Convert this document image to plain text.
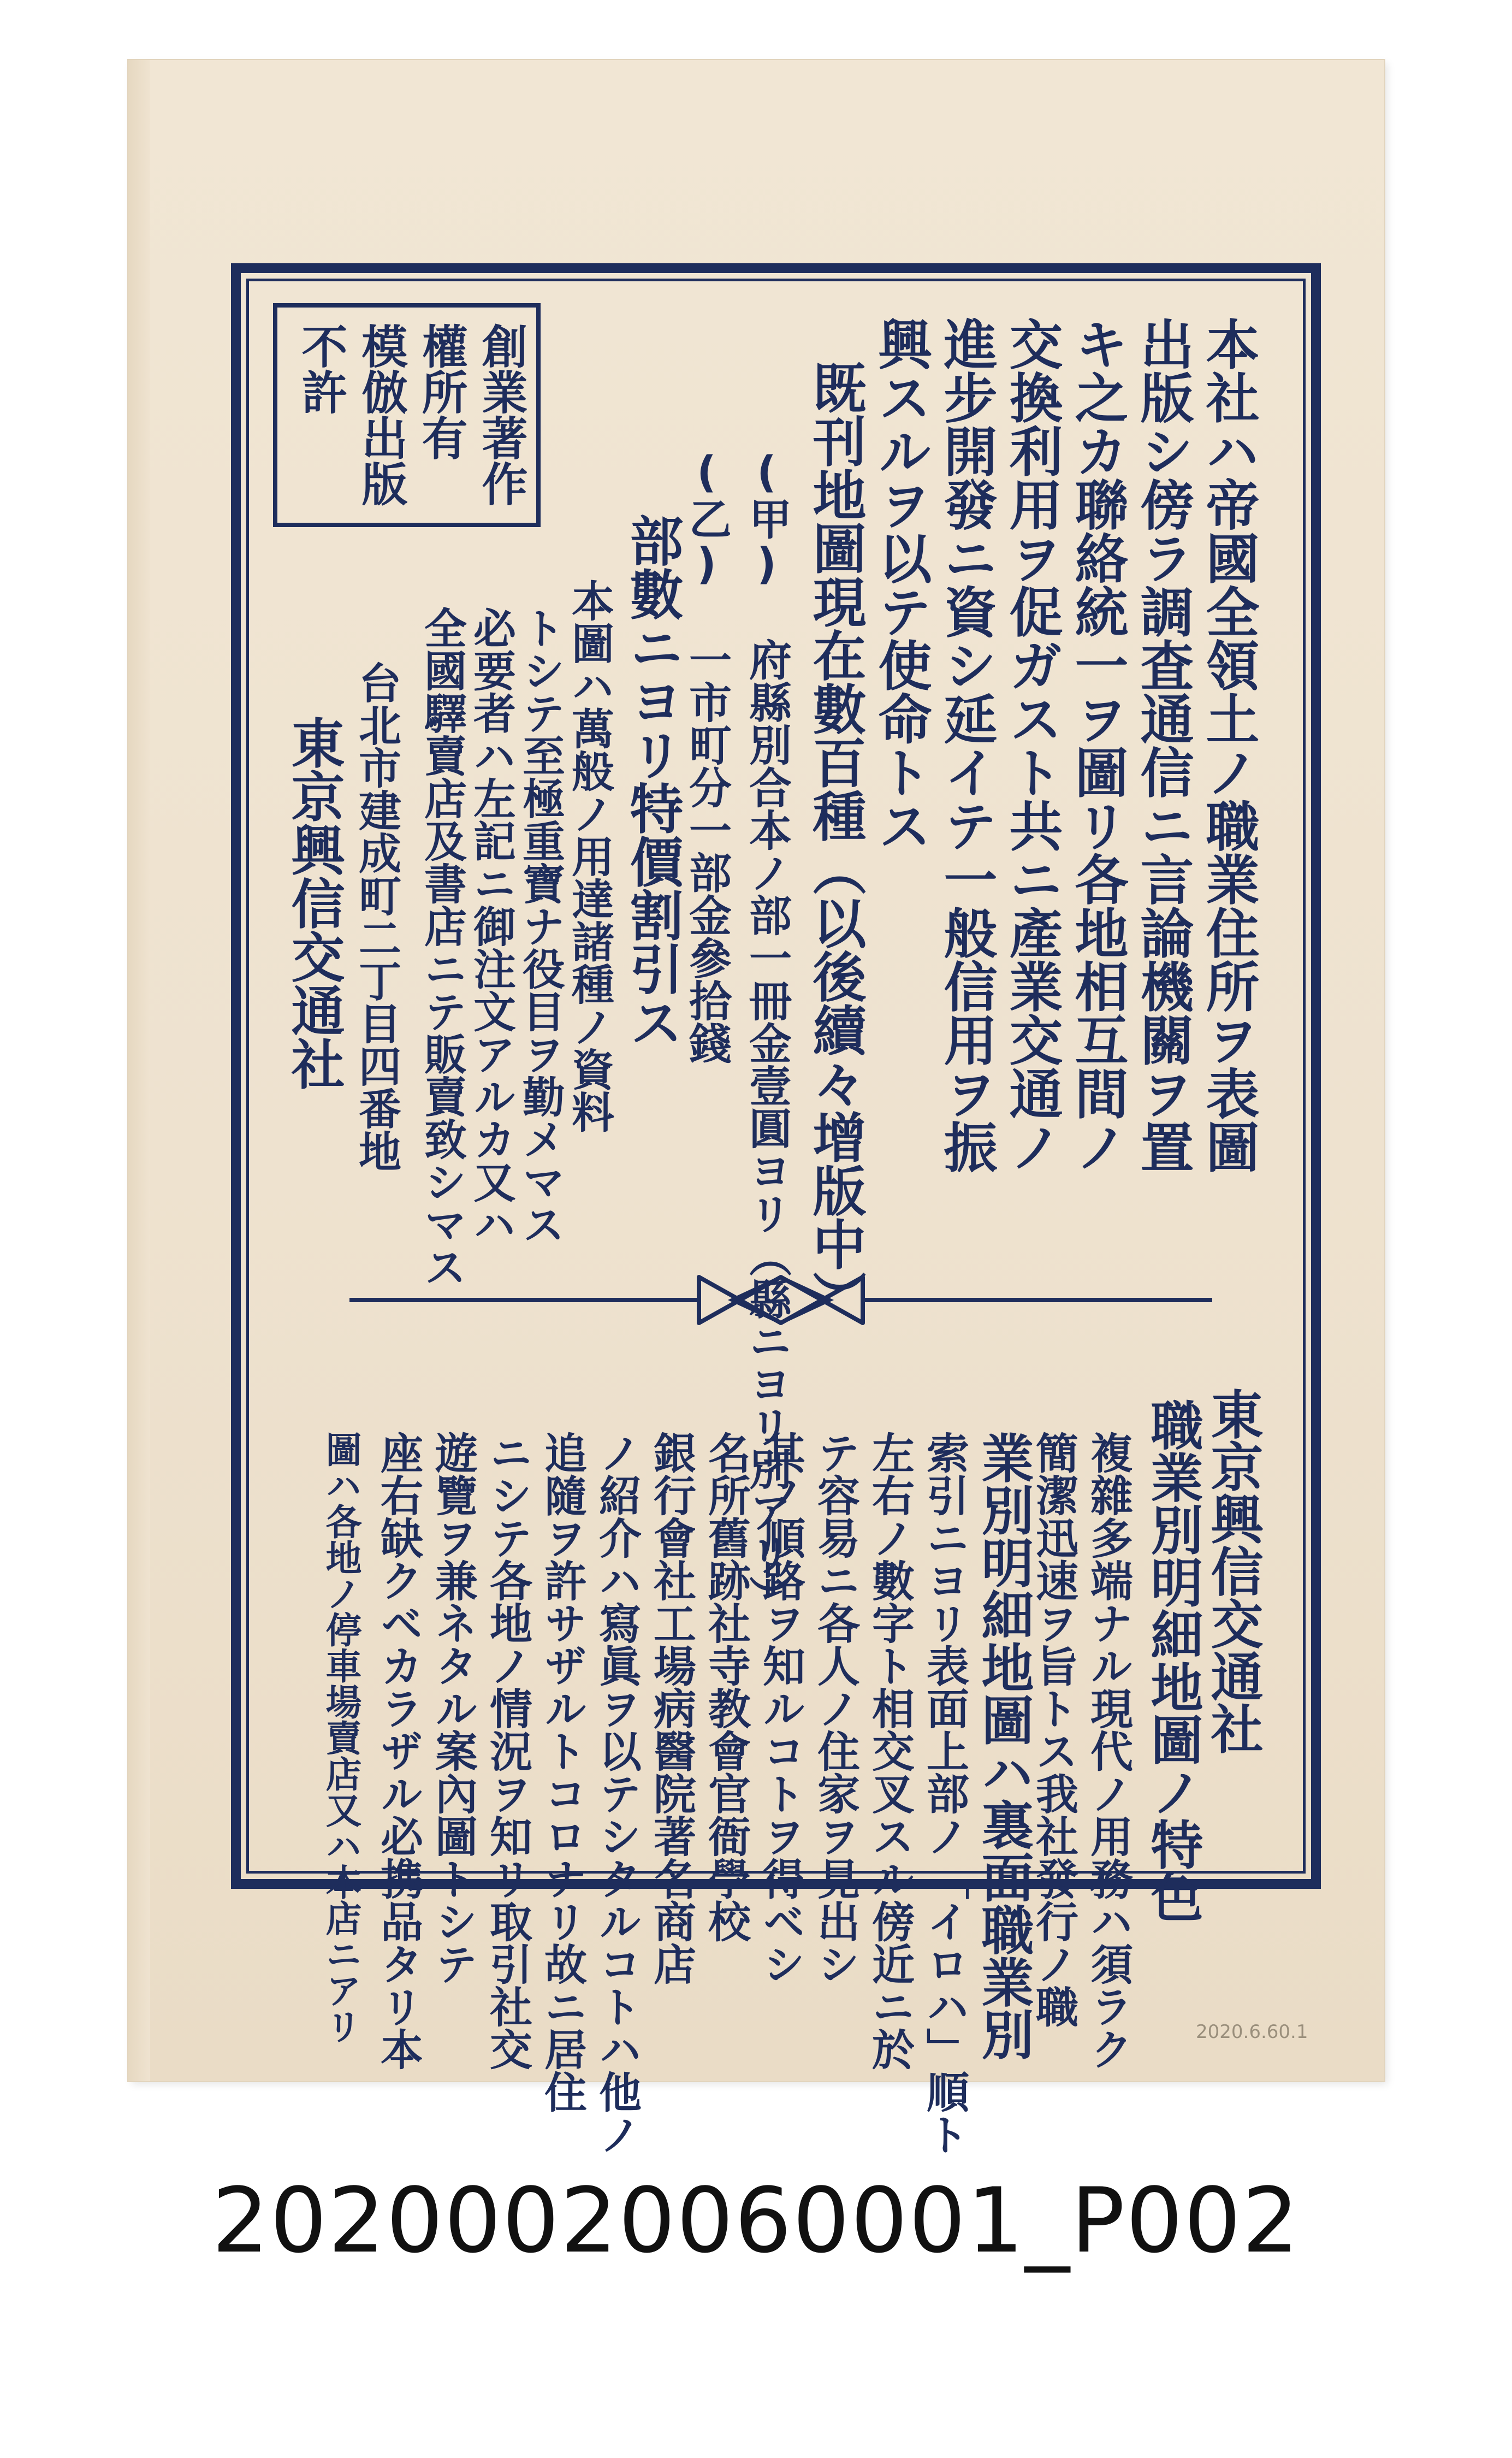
創業著作
權所有
模倣出版
不許	本社ハ帝國全領土ノ職業住所ヲ表圖
出版シ傍ラ調査通信ニ言論機關ヲ置
キ之カ聯絡統一ヲ圖リ各地相互間ノ
交換利用ヲ促ガスト共ニ產業交通ノ
進步開發ニ資シ延イテ一般信用ヲ振
興スルヲ以テ使命トス
既刊地圖現在數百種（以後續々增版中）
(甲) 府縣別合本ノ部一冊金壹圓ヨリ（縣ニヨリ別アリ）
(乙) 一市町分一部金參拾錢
部數ニヨリ特價割引ス
本圖ハ萬般ノ用達諸種ノ資料
トシテ至極重寶ナ役目ヲ勤メマス
必要者ハ左記ニ御注文アルカ又ハ
全國驛賣店及書店ニテ販賣致シマス
台北市建成町二丁目四番地
東京興信交通社
東京興信交通社
職業別明細地圖ノ特色
複雜多端ナル現代ノ用務ハ須ラク
簡潔迅速ヲ旨トス我社發行ノ職
業別明細地圖ハ裏面職業別
索引ニヨリ表面上部ノ「イロハ」順ト
左右ノ數字ト相交叉スル傍近ニ於
テ容易ニ各人ノ住家ヲ見出シ
其ノ順路ヲ知ルコトヲ得ベシ
名所舊跡社寺教會官衙學校
銀行會社工場病醫院著名商店
ノ紹介ハ寫眞ヲ以テシタルコトハ他ノ
追隨ヲ許サザルトコロナリ故ニ居住
ニシテ各地ノ情況ヲ知リ取引社交
遊覽ヲ兼ネタル案內圖トシテ
座右缺クベカラザル必携品タリ本
圖ハ各地ノ停車場賣店又ハ本店ニアリ	2020.6.60.1
20200020060001_P002
